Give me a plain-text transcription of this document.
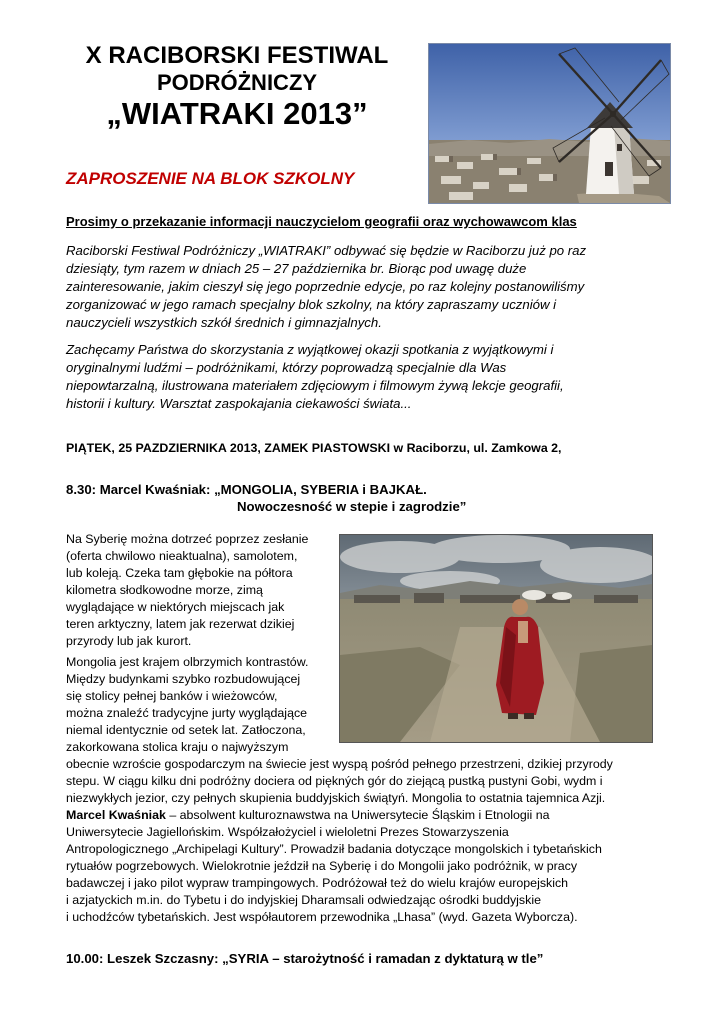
X RACIBORSKI FESTIWAL
PODRÓŻNICZY
„WIATRAKI 2013”
ZAPROSZENIE NA BLOK SZKOLNY
Prosimy o przekazanie informacji nauczycielom geografii oraz wychowawcom klas
Raciborski Festiwal Podróżniczy „WIATRAKI” odbywać się będzie w Raciborzu już po raz
dziesiąty, tym razem w dniach 25 – 27 października br. Biorąc pod uwagę duże
zainteresowanie, jakim cieszył się jego poprzednie edycje, po raz kolejny postanowiliśmy
zorganizować w jego ramach specjalny blok szkolny, na który zapraszamy uczniów i
nauczycieli wszystkich szkół średnich i gimnazjalnych.
Zachęcamy Państwa do skorzystania z wyjątkowej okazji spotkania z wyjątkowymi i
oryginalnymi ludźmi – podróżnikami, którzy poprowadzą specjalnie dla Was
niepowtarzalną, ilustrowana materiałem zdjęciowym i filmowym żywą lekcje geografii,
historii i kultury. Warsztat zaspokajania ciekawości świata...
PIĄTEK, 25 PAZDZIERNIKA 2013, ZAMEK PIASTOWSKI w Raciborzu, ul. Zamkowa 2,
8.30: Marcel Kwaśniak: „MONGOLIA, SYBERIA i BAJKAŁ.
Nowoczesność w stepie i zagrodzie”
Na Syberię można dotrzeć poprzez zesłanie
(oferta chwilowo nieaktualna), samolotem,
lub koleją. Czeka tam głębokie na półtora
kilometra słodkowodne morze, zimą
wyglądające w niektórych miejscach jak
teren arktyczny, latem jak rezerwat dzikiej
przyrody lub jak kurort.
Mongolia jest krajem olbrzymich kontrastów.
Między budynkami szybko rozbudowującej
się stolicy pełnej banków i wieżowców,
można znaleźć tradycyjne jurty wyglądające
niemal identycznie od setek lat. Zatłoczona,
zakorkowana stolica kraju o najwyższym
obecnie wzroście gospodarczym na świecie jest wyspą pośród pełnego przestrzeni, dzikiej przyrody
stepu. W ciągu kilku dni podróżny dociera od piękných gór do ziejącą pustką pustyni Gobi, wydm i
niezwykłych jezior, czy pełnych skupienia buddyjskich świątyń. Mongolia to ostatnia tajemnica Azji.
Marcel Kwaśniak – absolwent kulturoznawstwa na Uniwersytecie Śląskim i Etnologii na
Uniwersytecie Jagiellońskim. Współzałożyciel i wieloletni Prezes Stowarzyszenia
Antropologicznego „Archipelagi Kultury”. Prowadził badania dotyczące mongolskich i tybetańskich
rytuałów pogrzebowych. Wielokrotnie jeździł na Syberię i do Mongolii jako podróżnik, w pracy
badawczej i jako pilot wypraw trampingowych. Podróżował też do wielu krajów europejskich
i azjatyckich m.in. do Tybetu i do indyjskiej Dharamsali odwiedzając ośrodki buddyjskie
i uchodźców tybetańskich. Jest współautorem przewodnika „Lhasa” (wyd. Gazeta Wyborcza).
10.00: Leszek Szczasny: „SYRIA – starożytność i ramadan z dyktaturą w tle”
